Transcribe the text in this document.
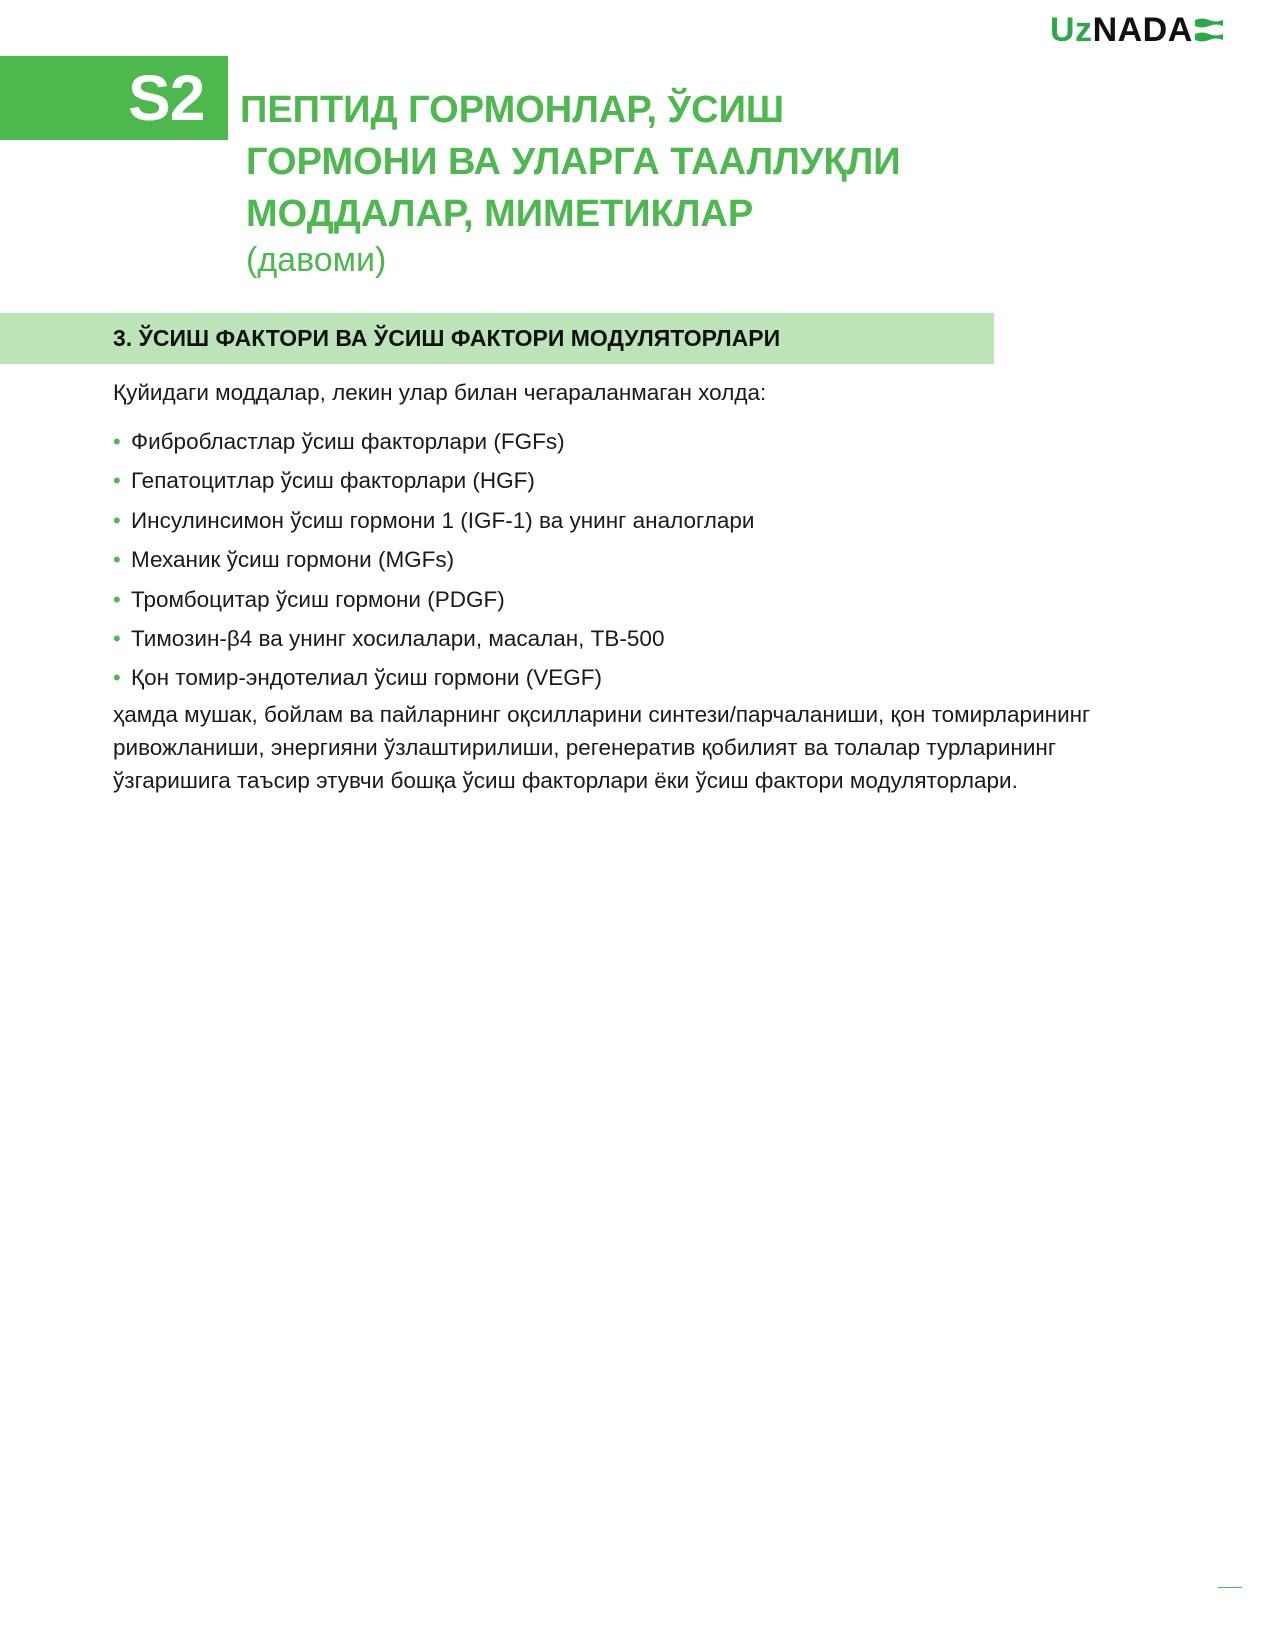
Uz NADA
S2 ПЕПТИД ГОРМОНЛАР, ЎСИШ
ГОРМОНИ ВА УЛАРГА ТААЛЛУҚЛИ
МОДДАЛАР, МИМЕТИКЛАР
(давоми)
3. ЎСИШ ФАКТОРИ ВА ЎСИШ ФАКТОРИ МОДУЛЯТОРЛАРИ

Қуйидаги моддалар, лекин улар билан чегараланмаган холда:

• Фибробластлар ўсиш факторлари (FGFs)
• Гепатоцитлар ўсиш факторлари (HGF)
• Инсулинсимон ўсиш гормони 1 (IGF-1) ва унинг аналоглари
• Механик ўсиш гормони (MGFs)
• Тромбоцитар ўсиш гормони (PDGF)
• Тимозин-β4 ва унинг хосилалари, масалан, TB-500
• Қон томир-эндотелиал ўсиш гормони (VEGF)

ҳамда мушак, бойлам ва пайларнинг оқсилларини синтези/парчаланиши, қон томирларининг ривожланиши, энергияни ўзлаштирилиши, регенератив қобилият ва толалар турларининг ўзгаришига таъсир этувчи бошқа ўсиш факторлари ёки ўсиш фактори модуляторлари.
